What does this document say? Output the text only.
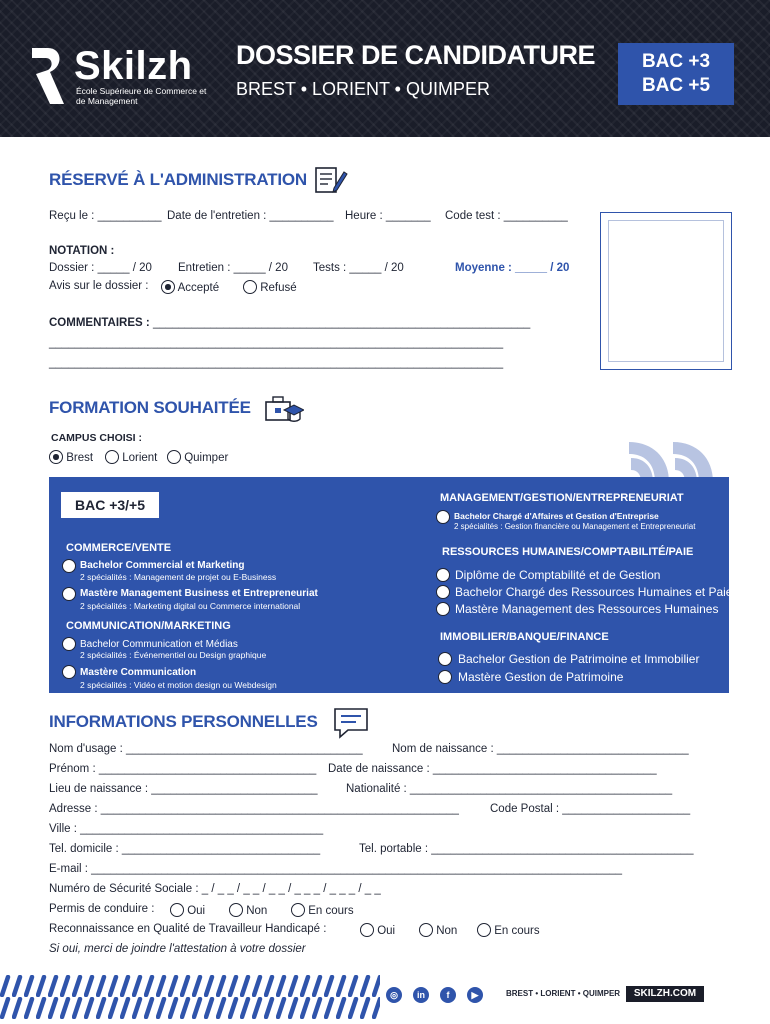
Skilzh
École Supérieure de Commerce et de Management
DOSSIER DE CANDIDATURE
BREST • LORIENT • QUIMPER
BAC +3
BAC +5
RÉSERVÉ À L'ADMINISTRATION
Reçu le : __________ Date de l'entretien : __________ Heure : _______ Code test : __________
NOTATION :
Dossier : _____ / 20 Entretien : _____ / 20 Tests : _____ / 20	Moyenne : _____ / 20
Avis sur le dossier :	Accepté	Refusé
COMMENTAIRES : ___________________________________________________________
_______________________________________________________________________
_______________________________________________________________________
FORMATION SOUHAITÉE
CAMPUS CHOISI :
Brest	Lorient	Quimper
BAC +3/+5
COMMERCE/VENTE
Bachelor Commercial et Marketing
2 spécialités : Management de projet ou E-Business
Mastère Management Business et Entrepreneuriat
2 spécialités : Marketing digital ou Commerce international
COMMUNICATION/MARKETING
Bachelor Communication et Médias
2 spécialités : Événementiel ou Design graphique
Mastère Communication
2 spécialités : Vidéo et motion design ou Webdesign
MANAGEMENT/GESTION/ENTREPRENEURIAT
Bachelor Chargé d'Affaires et Gestion d'Entreprise
2 spécialités : Gestion financière ou Management et Entrepreneuriat
RESSOURCES HUMAINES/COMPTABILITÉ/PAIE
Diplôme de Comptabilité et de Gestion
Bachelor Chargé des Ressources Humaines et Paie
Mastère Management des Ressources Humaines
IMMOBILIER/BANQUE/FINANCE
Bachelor Gestion de Patrimoine et Immobilier
Mastère Gestion de Patrimoine
INFORMATIONS PERSONNELLES
Nom d'usage : _____________________________________	Nom de naissance : ______________________________
Prénom : __________________________________ Date de naissance : ___________________________________
Lieu de naissance : __________________________ Nationalité : _________________________________________
Adresse : ________________________________________________________	Code Postal : ____________________
Ville : ______________________________________
Tel. domicile : _______________________________	Tel. portable : _________________________________________
E-mail : ___________________________________________________________________________________
Numéro de Sécurité Sociale : _ / _ _ / _ _ / _ _ / _ _ _ / _ _ _ / _ _
Permis de conduire :	Oui	Non	En cours
Reconnaissance en Qualité de Travailleur Handicapé :	Oui	Non	En cours
Si oui, merci de joindre l'attestation à votre dossier
◎	in	f	▶	BREST • LORIENT • QUIMPER	SKILZH.COM
